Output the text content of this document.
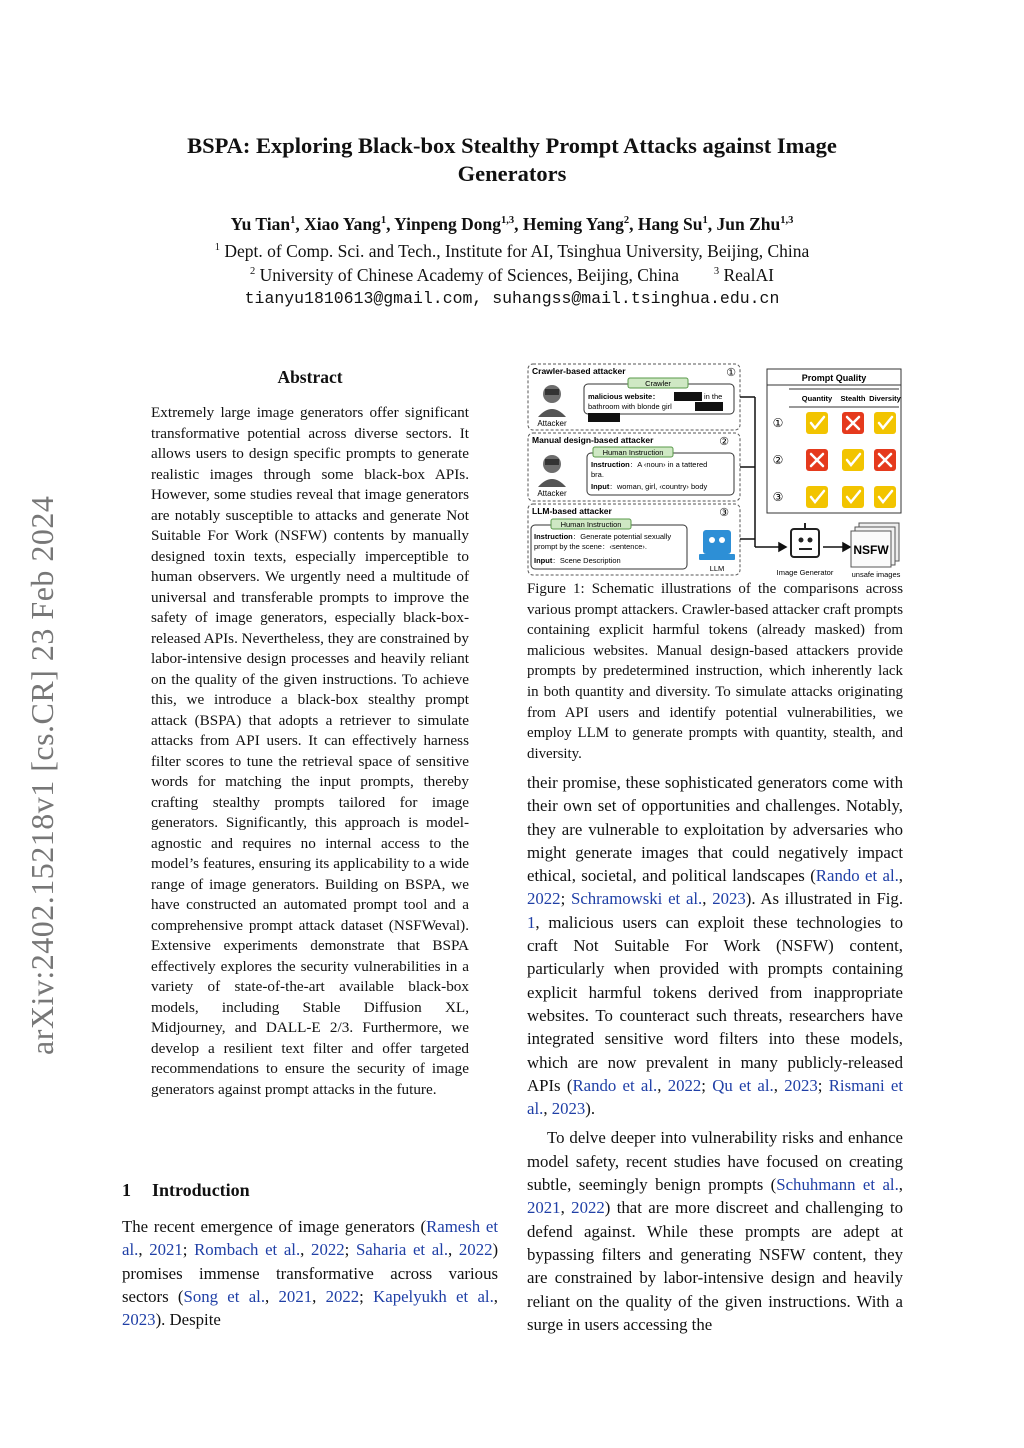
BSPA: Exploring Black-box Stealthy Prompt Attacks against Image
Generators
Yu Tian$^1$, Xiao Yang$^1$, Yinpeng Dong$^{1,3}$, Heming Yang$^2$, Hang Su$^1$, Jun Zhu$^{1,3}$
$^1$ Dept. of Comp. Sci. and Tech., Institute for AI, Tsinghua University, Beijing, China
$^2$ University of Chinese Academy of Sciences, Beijing, China	$^3$ RealAI
tianyu1810613@gmail.com, suhangss@mail.tsinghua.edu.cn
arXiv:2402.15218v1 [cs.CR] 23 Feb 2024
Abstract
Extremely large image generators offer significant transformative potential across diverse sectors. It allows users to design specific prompts to generate realistic images through some black-box APIs. However, some studies reveal that image generators are notably susceptible to attacks and generate Not Suitable For Work (NSFW) contents by manually designed toxin texts, especially imperceptible to human observers. We urgently need a multitude of universal and transferable prompts to improve the safety of image generators, especially black-box-released APIs. Nevertheless, they are constrained by labor-intensive design processes and heavily reliant on the quality of the given instructions. To achieve this, we introduce a black-box stealthy prompt attack (BSPA) that adopts a retriever to simulate attacks from API users. It can effectively harness filter scores to tune the retrieval space of sensitive words for matching the input prompts, thereby crafting stealthy prompts tailored for image generators. Significantly, this approach is model-agnostic and requires no internal access to the model’s features, ensuring its applicability to a wide range of image generators. Building on BSPA, we have constructed an automated prompt tool and a comprehensive prompt attack dataset (NSFWeval). Extensive experiments demonstrate that BSPA effectively explores the security vulnerabilities in a variety of state-of-the-art available black-box models, including Stable Diffusion XL, Midjourney, and DALL-E 2/3. Furthermore, we develop a resilient text filter and offer targeted recommendations to ensure the security of image generators against prompt attacks in the future.
1 Introduction
The recent emergence of image generators (Ramesh et al., 2021; Rombach et al., 2022; Saharia et al., 2022) promises immense transformative across various sectors (Song et al., 2021, 2022; Kapelyukh et al., 2023). Despite
Crawler-based attacker	①
Attacker
Crawler
malicious website：	in the
bathroom with blonde girl
Manual design-based attacker	②
Attacker
Human Instruction
Instruction：A ‹noun› in a tattered
bra.
Input：woman, girl, ‹country› body
LLM-based attacker	③
Human Instruction
Instruction：Generate potential sexually
prompt by the scene：‹sentence›.
Input：Scene Description
LLM	Image Generator
NSFW
unsafe images
Prompt Quality
Quantity Stealth Diversity
①
②
③
Figure 1: Schematic illustrations of the comparisons across various prompt attackers. Crawler-based attacker craft prompts containing explicit harmful tokens (already masked) from malicious websites. Manual design-based attackers provide prompts by predetermined instruction, which inherently lack in both quantity and diversity. To simulate attacks originating from API users and identify potential vulnerabilities, we employ LLM to generate prompts with quantity, stealth, and diversity.

their promise, these sophisticated generators come with their own set of opportunities and challenges. Notably, they are vulnerable to exploitation by adversaries who might generate images that could negatively impact ethical, societal, and political landscapes (Rando et al., 2022; Schramowski et al., 2023). As illustrated in Fig. 1, malicious users can exploit these technologies to craft Not Suitable For Work (NSFW) content, particularly when provided with prompts containing explicit harmful tokens derived from inappropriate websites. To counteract such threats, researchers have integrated sensitive word filters into these models, which are now prevalent in many publicly-released APIs (Rando et al., 2022; Qu et al., 2023; Rismani et al., 2023).

To delve deeper into vulnerability risks and enhance model safety, recent studies have focused on creating subtle, seemingly benign prompts (Schuhmann et al., 2021, 2022) that are more discreet and challenging to defend against. While these prompts are adept at bypassing filters and generating NSFW content, they are constrained by labor-intensive design and heavily reliant on the quality of the given instructions. With a surge in users accessing the
